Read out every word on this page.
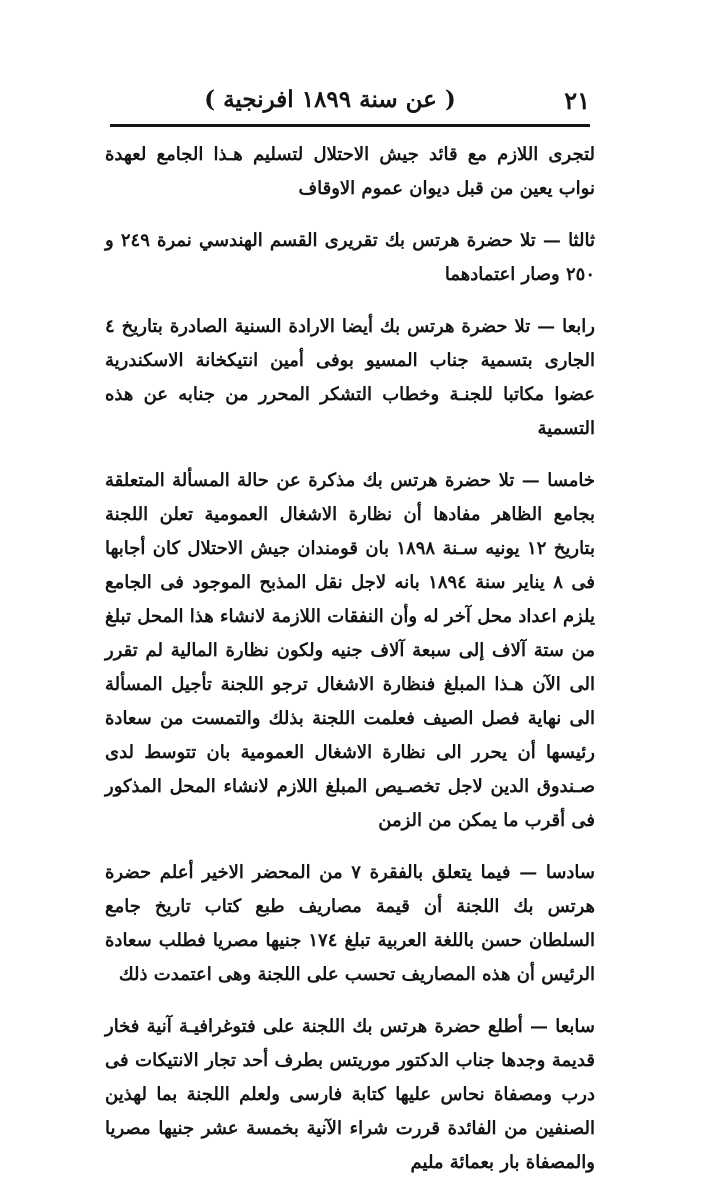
٢١
( عن سنة ١٨٩٩ افرنجية )

لتجرى اللازم مع قائد جيش الاحتلال لتسليم هـذا الجامع لعهدة نواب يعين من قبل ديوان عموم الاوقاف

ثالثا — تلا حضرة هرتس بك تقريرى القسم الهندسي نمرة ٢٤٩ و ٢٥٠ وصار اعتمادهما

رابعا — تلا حضرة هرتس بك أيضا الارادة السنية الصادرة بتاريخ ٤ الجارى بتسمية جناب المسيو بوفى أمين انتيكخانة الاسكندرية عضوا مكاتبا للجنـة وخطاب التشكر المحرر من جنابه عن هذه التسمية

خامسا — تلا حضرة هرتس بك مذكرة عن حالة المسألة المتعلقة بجامع الظاهر مفادها أن نظارة الاشغال العمومية تعلن اللجنة بتاريخ ١٢ يونيه سـنة ١٨٩٨ بان قومندان جيش الاحتلال كان أجابها فى ٨ يناير سنة ١٨٩٤ بانه لاجل نقل المذبح الموجود فى الجامع يلزم اعداد محل آخر له وأن النفقات اللازمة لانشاء هذا المحل تبلغ من ستة آلاف إلى سبعة آلاف جنيه ولكون نظارة المالية لم تقرر الى الآن هـذا المبلغ فنظارة الاشغال ترجو اللجنة تأجيل المسألة الى نهاية فصل الصيف فعلمت اللجنة بذلك والتمست من سعادة رئيسها أن يحرر الى نظارة الاشغال العمومية بان تتوسط لدى صـندوق الدين لاجل تخصـيص المبلغ اللازم لانشاء المحل المذكور فى أقرب ما يمكن من الزمن

سادسا — فيما يتعلق بالفقرة ٧ من المحضر الاخير أعلم حضرة هرتس بك اللجنة أن قيمة مصاريف طبع كتاب تاريخ جامع السلطان حسن باللغة العربية تبلغ ١٧٤ جنيها مصريا فطلب سعادة الرئيس أن هذه المصاريف تحسب على اللجنة وهى اعتمدت ذلك

سابعا — أطلع حضرة هرتس بك اللجنة على فتوغرافيـة آنية فخار قديمة وجدها جناب الدكتور موريتس بطرف أحد تجار الانتيكات فى درب ومصفاة نحاس عليها كتابة فارسى ولعلم اللجنة بما لهذين الصنفين من الفائدة قررت شراء الآنية بخمسة عشر جنيها مصريا والمصفاة بار بعمائة مليم
